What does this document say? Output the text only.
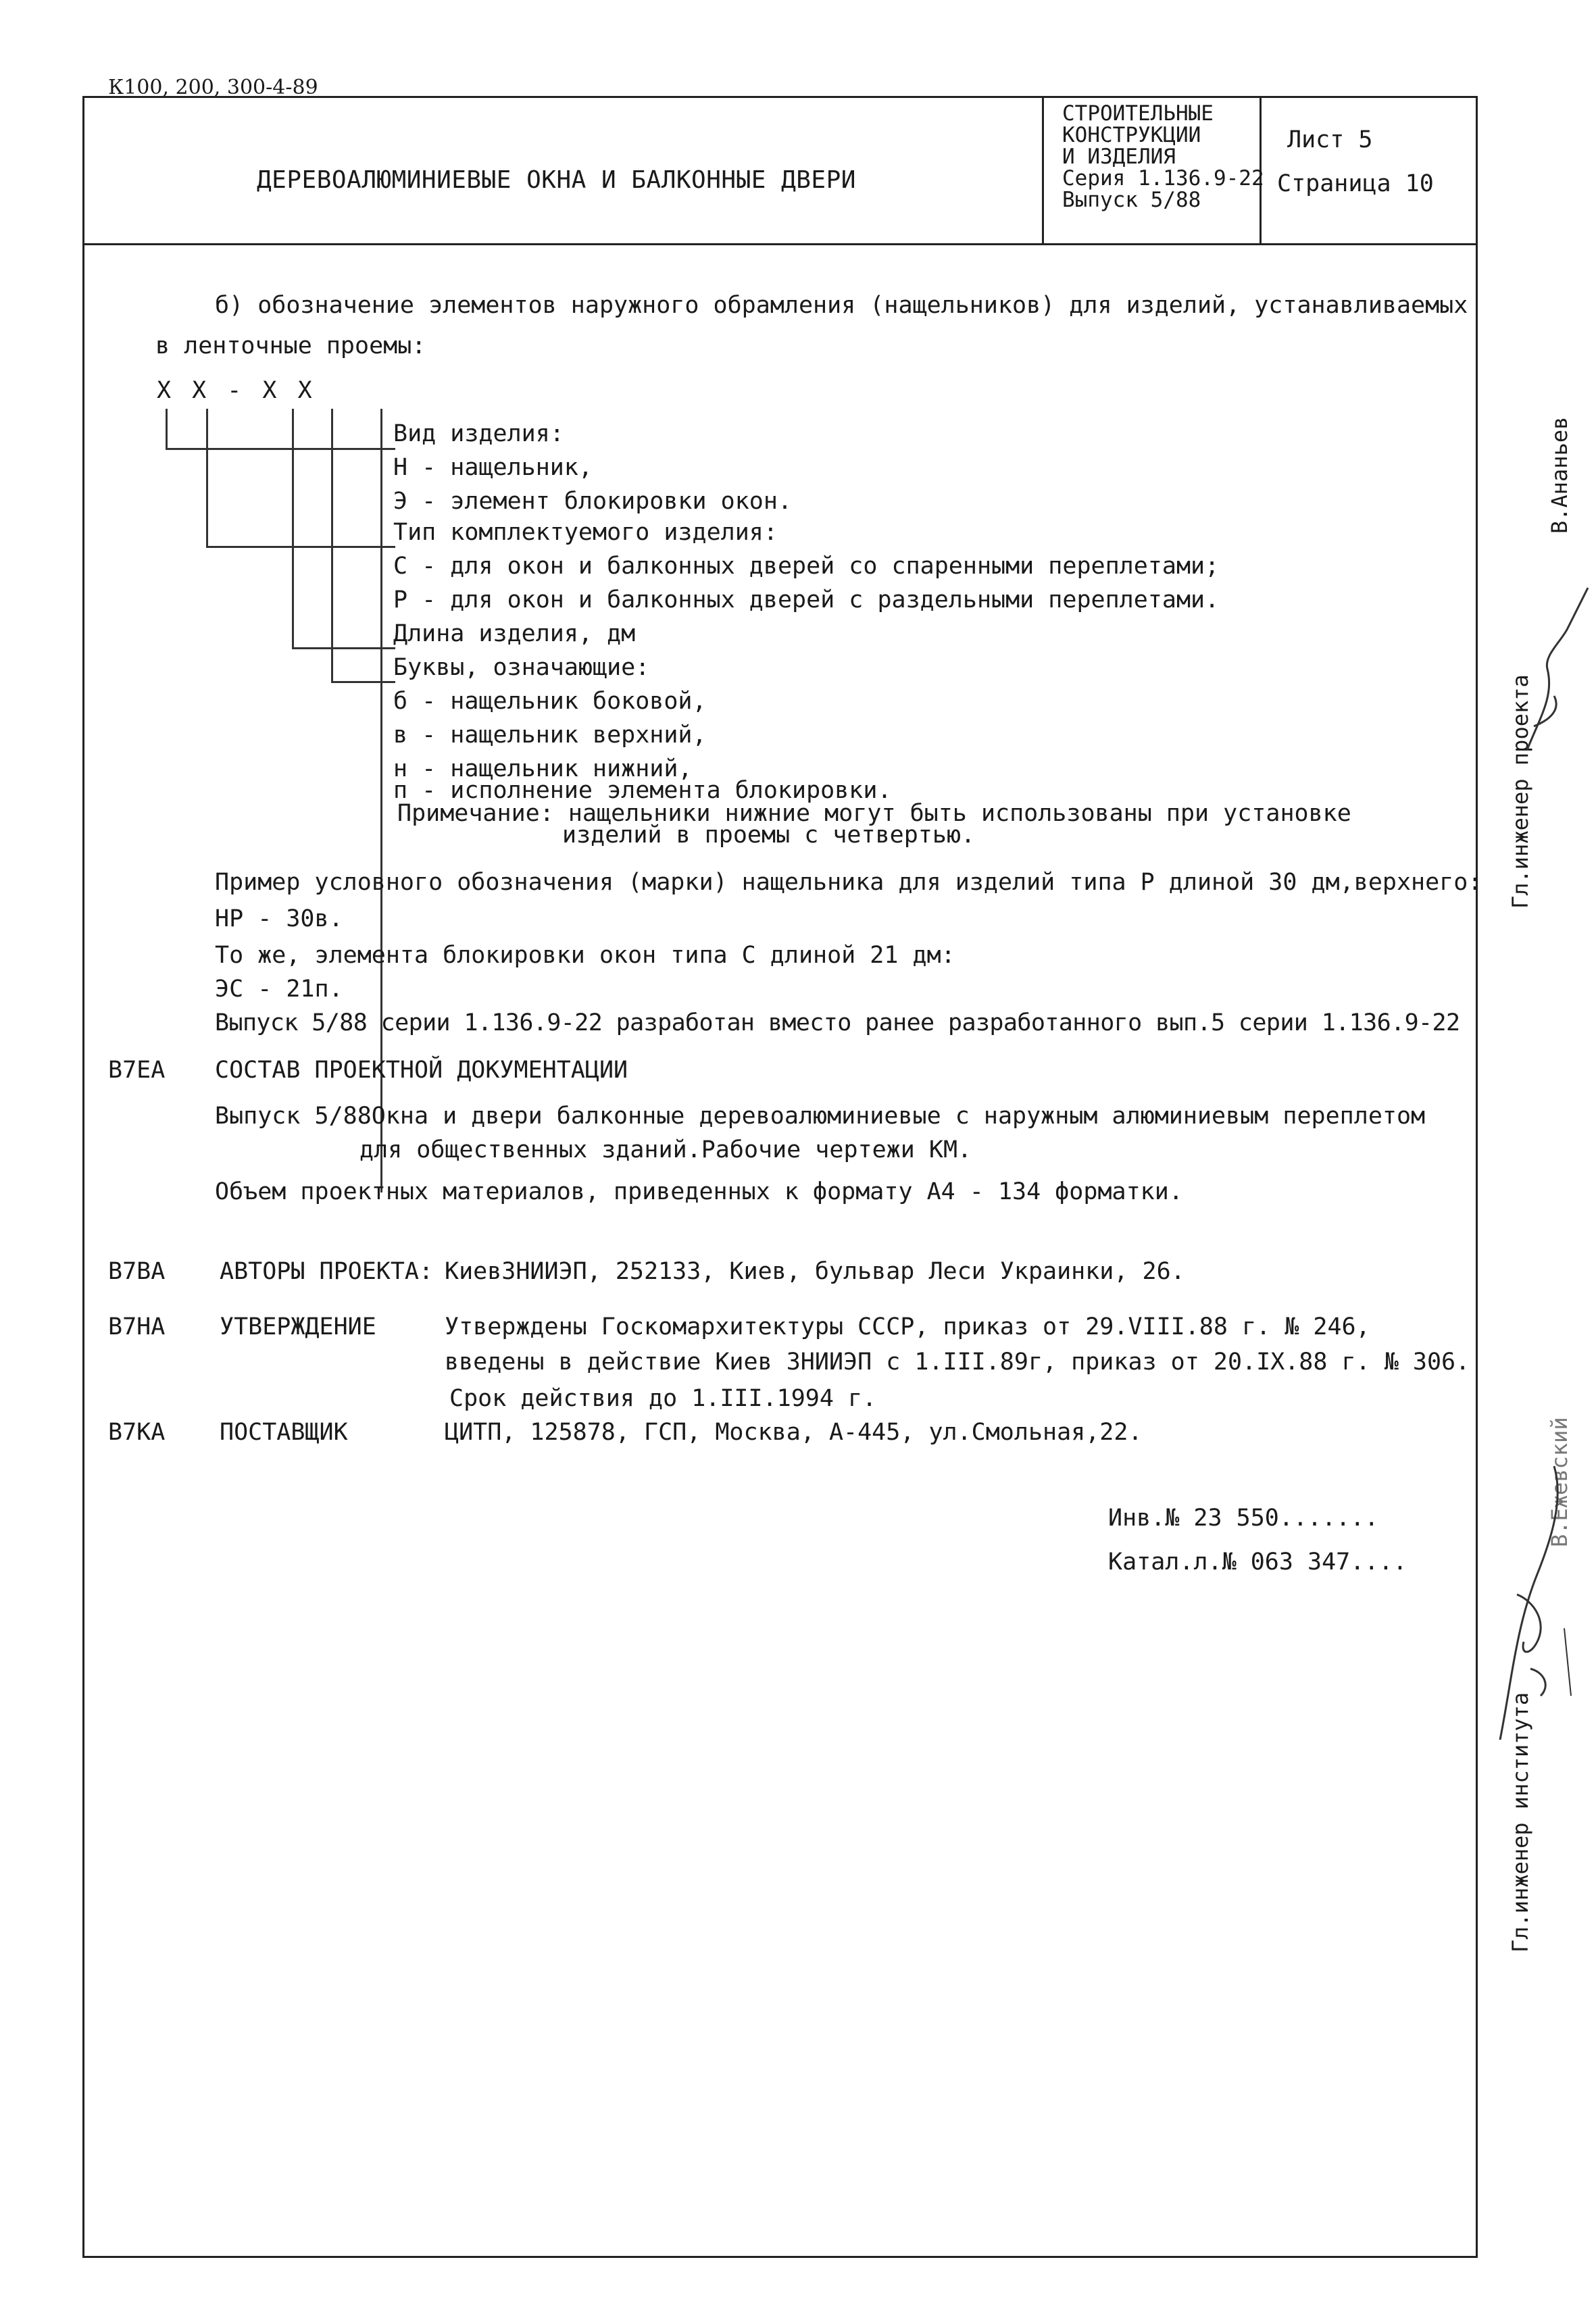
К100, 200, 300-4-89
ДЕРЕВОАЛЮМИНИЕВЫЕ ОКНА И БАЛКОННЫЕ ДВЕРИ
СТРОИТЕЛЬНЫЕ
КОНСТРУКЦИИ
И ИЗДЕЛИЯ
Серия 1.136.9-22
Выпуск 5/88
Лист 5
Страница 10
б) обозначение элементов наружного обрамления (нащельников) для изделий, устанавливаемых
в ленточные проемы:
Х Х - Х Х
Вид изделия:
Н - нащельник,
Э - элемент блокировки окон.
Тип комплектуемого изделия:
С - для окон и балконных дверей со спаренными переплетами;
Р - для окон и балконных дверей с раздельными переплетами.
Длина изделия, дм
Буквы, означающие:
б - нащельник боковой,
в - нащельник верхний,
н - нащельник нижний,
п - исполнение элемента блокировки.
Примечание: нащельники нижние могут быть использованы при установке
изделий в проемы с четвертью.
Пример условного обозначения (марки) нащельника для изделий типа Р длиной 30 дм,верхнего:
НР - 30в.
То же, элемента блокировки окон типа С длиной 21 дм:
ЭС - 21п.
Выпуск 5/88 серии 1.136.9-22 разработан вместо ранее разработанного вып.5 серии 1.136.9-22
В7ЕА СОСТАВ ПРОЕКТНОЙ ДОКУМЕНТАЦИИ
Выпуск 5/88Окна и двери балконные деревоалюминиевые с наружным алюминиевым переплетом
для общественных зданий.Рабочие чертежи КМ.
Объем проектных материалов, приведенных к формату А4 - 134 форматки.
В7ВА АВТОРЫ ПРОЕКТА: КиевЗНИИЭП, 252133, Киев, бульвар Леси Украинки, 26.
В7НА УТВЕРЖДЕНИЕ	Утверждены Госкомархитектуры СССР, приказ от 29.VIII.88 г. № 246,
введены в действие Киев ЗНИИЭП с 1.III.89г, приказ от 20.IX.88 г. № 306.
Срок действия до 1.III.1994 г.
В7КА ПОСТАВЩИК	ЦИТП, 125878, ГСП, Москва, А-445, ул.Смольная,22.
Инв.№ 23 550.......
Катал.л.№ 063 347....
Гл.инженер проекта
В.Ананьев
Гл.инженер института
В.Ежевский
